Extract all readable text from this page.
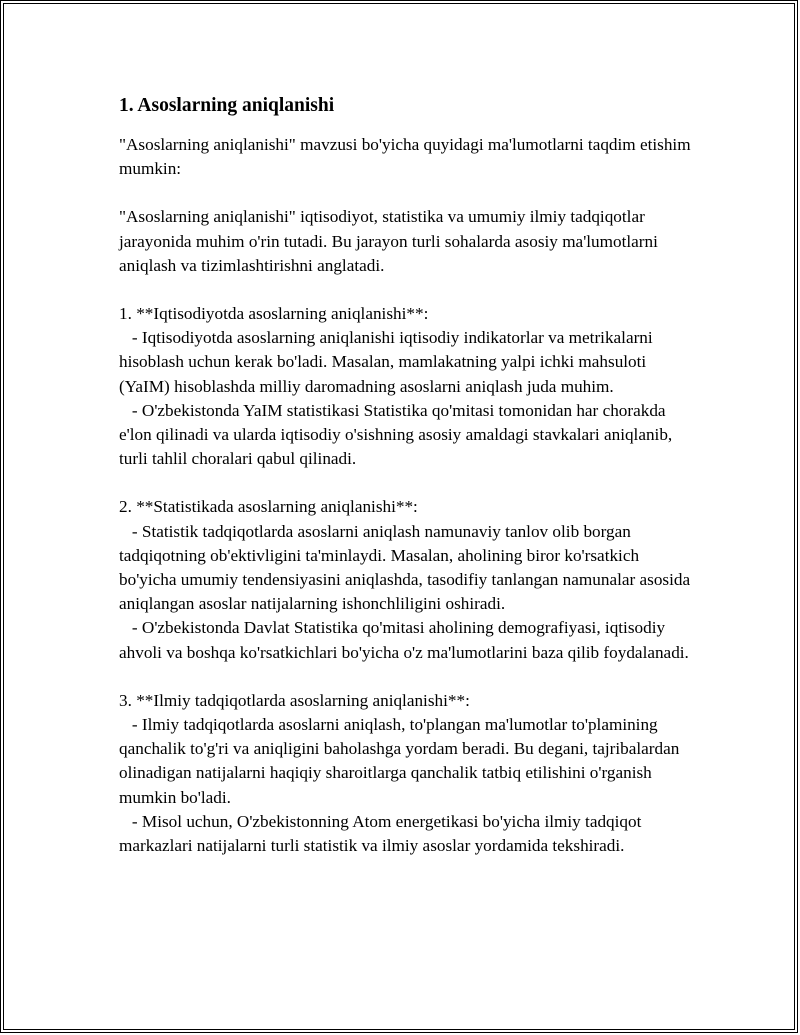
1. Asoslarning aniqlanishi

"Asoslarning aniqlanishi" mavzusi bo'yicha quyidagi ma'lumotlarni taqdim etishim mumkin:

"Asoslarning aniqlanishi" iqtisodiyot, statistika va umumiy ilmiy tadqiqotlar jarayonida muhim o'rin tutadi. Bu jarayon turli sohalarda asosiy ma'lumotlarni aniqlash va tizimlashtirishni anglatadi.

1. **Iqtisodiyotda asoslarning aniqlanishi**:

- Iqtisodiyotda asoslarning aniqlanishi iqtisodiy indikatorlar va metrikalarni hisoblash uchun kerak bo'ladi. Masalan, mamlakatning yalpi ichki mahsuloti (YaIM) hisoblashda milliy daromadning asoslarni aniqlash juda muhim.

- O'zbekistonda YaIM statistikasi Statistika qo'mitasi tomonidan har chorakda e'lon qilinadi va ularda iqtisodiy o'sishning asosiy amaldagi stavkalari aniqlanib, turli tahlil choralari qabul qilinadi.

2. **Statistikada asoslarning aniqlanishi**:

- Statistik tadqiqotlarda asoslarni aniqlash namunaviy tanlov olib borgan tadqiqotning ob'ektivligini ta'minlaydi. Masalan, aholining biror ko'rsatkich bo'yicha umumiy tendensiyasini aniqlashda, tasodifiy tanlangan namunalar asosida aniqlangan asoslar natijalarning ishonchliligini oshiradi.

- O'zbekistonda Davlat Statistika qo'mitasi aholining demografiyasi, iqtisodiy ahvoli va boshqa ko'rsatkichlari bo'yicha o'z ma'lumotlarini baza qilib foydalanadi.

3. **Ilmiy tadqiqotlarda asoslarning aniqlanishi**:

- Ilmiy tadqiqotlarda asoslarni aniqlash, to'plangan ma'lumotlar to'plamining qanchalik to'g'ri va aniqligini baholashga yordam beradi. Bu degani, tajribalardan olinadigan natijalarni haqiqiy sharoitlarga qanchalik tatbiq etilishini o'rganish mumkin bo'ladi.

- Misol uchun, O'zbekistonning Atom energetikasi bo'yicha ilmiy tadqiqot markazlari natijalarni turli statistik va ilmiy asoslar yordamida tekshiradi.
